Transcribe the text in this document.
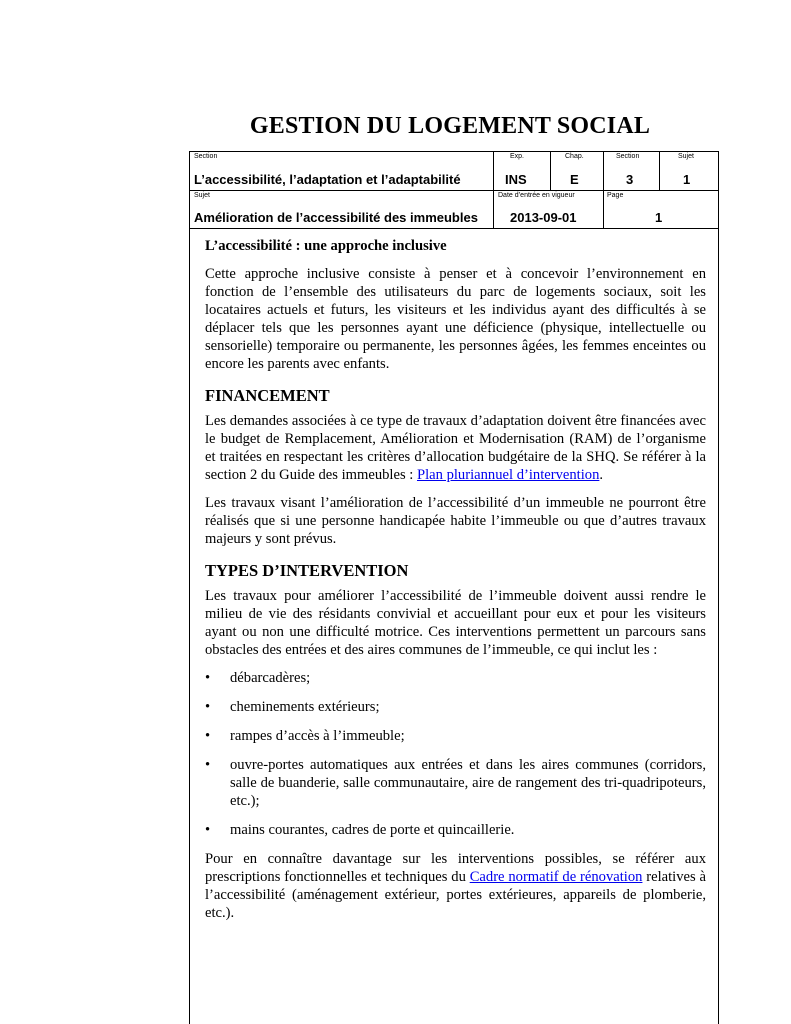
GESTION DU LOGEMENT SOCIAL
Section
L’accessibilité, l’adaptation et l’adaptabilité
Exp.
INS
Chap.
E
Section
3
Sujet
1
Sujet
Amélioration de l’accessibilité des immeubles
Date d’entrée en vigueur
2013-09-01
Page
1
L’accessibilité : une approche inclusive

Cette approche inclusive consiste à penser et à concevoir l’environnement en fonction de l’ensemble des utilisateurs du parc de logements sociaux, soit les locataires actuels et futurs, les visiteurs et les individus ayant des difficultés à se déplacer tels que les personnes ayant une déficience (physique, intellectuelle ou sensorielle) temporaire ou permanente, les personnes âgées, les femmes enceintes ou encore les parents avec enfants.

FINANCEMENT

Les demandes associées à ce type de travaux d’adaptation doivent être financées avec le budget de Remplacement, Amélioration et Modernisation (RAM) de l’organisme et traitées en respectant les critères d’allocation budgétaire de la SHQ. Se référer à la section 2 du Guide des immeubles : Plan pluriannuel d’intervention.

Les travaux visant l’amélioration de l’accessibilité d’un immeuble ne pourront être réalisés que si une personne handicapée habite l’immeuble ou que d’autres travaux majeurs y sont prévus.

TYPES D’INTERVENTION

Les travaux pour améliorer l’accessibilité de l’immeuble doivent aussi rendre le milieu de vie des résidants convivial et accueillant pour eux et pour les visiteurs ayant ou non une difficulté motrice. Ces interventions permettent un parcours sans obstacles des entrées et des aires communes de l’immeuble, ce qui inclut les :

• débarcadères;
• cheminements extérieurs;
• rampes d’accès à l’immeuble;
• ouvre-portes automatiques aux entrées et dans les aires communes (corridors, salle de buanderie, salle communautaire, aire de rangement des tri-quadripoteurs, etc.);
• mains courantes, cadres de porte et quincaillerie.

Pour en connaître davantage sur les interventions possibles, se référer aux prescriptions fonctionnelles et techniques du Cadre normatif de rénovation relatives à l’accessibilité (aménagement extérieur, portes extérieures, appareils de plomberie, etc.).
